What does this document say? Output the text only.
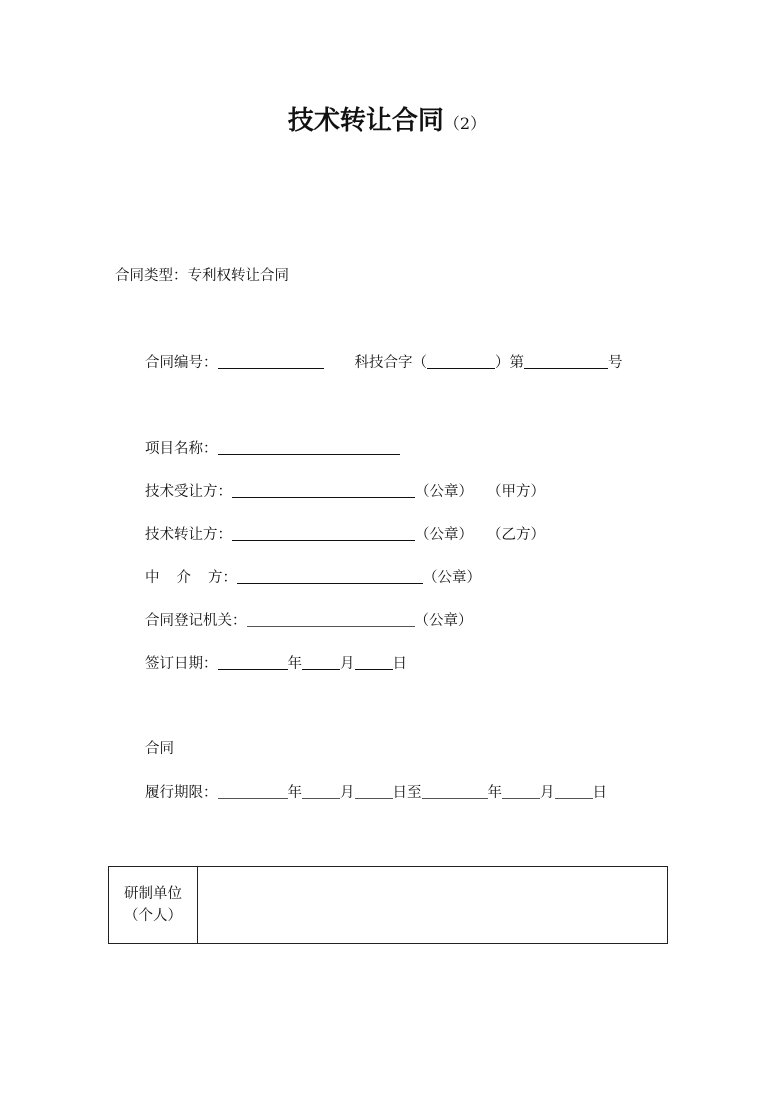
技术转让合同（2）
合同类型：专利权转让合同
合同编号：	科技合字（	）第	号
项目名称：
技术受让方：	（公章） （甲方）
技术转让方：	（公章） （乙方）
中 介 方：	（公章）
合同登记机关：	（公章）
签订日期：	年	月	日
合同
履行期限：	年	月	日至	年	月	日
研制单位
（个人）
